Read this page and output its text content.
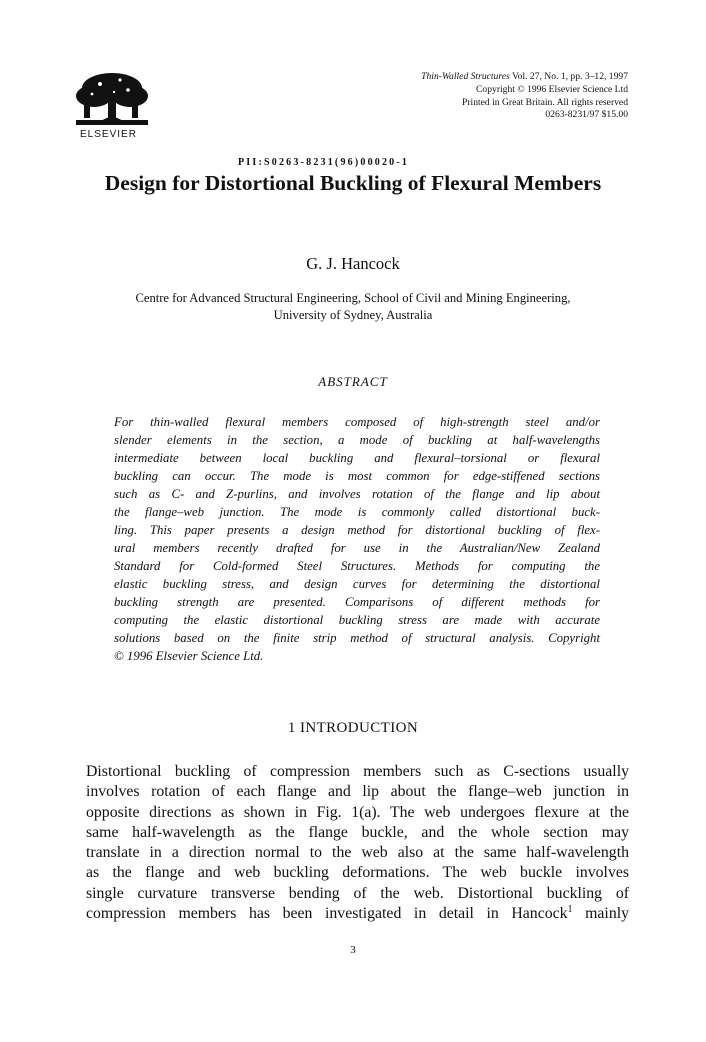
ELSEVIER
Thin-Walled Structures Vol. 27, No. 1, pp. 3–12, 1997
Copyright © 1996 Elsevier Science Ltd
Printed in Great Britain. All rights reserved
0263-8231/97 $15.00
PII:S0263-8231(96)00020-1
Design for Distortional Buckling of Flexural Members
G. J. Hancock
Centre for Advanced Structural Engineering, School of Civil and Mining Engineering,
University of Sydney, Australia
ABSTRACT
For thin-walled flexural members composed of high-strength steel and/or
slender elements in the section, a mode of buckling at half-wavelengths
intermediate between local buckling and flexural–torsional or flexural
buckling can occur. The mode is most common for edge-stiffened sections
such as C- and Z-purlins, and involves rotation of the flange and lip about
the flange–web junction. The mode is commonly called distortional buck-
ling. This paper presents a design method for distortional buckling of flex-
ural members recently drafted for use in the Australian/New Zealand
Standard for Cold-formed Steel Structures. Methods for computing the
elastic buckling stress, and design curves for determining the distortional
buckling strength are presented. Comparisons of different methods for
computing the elastic distortional buckling stress are made with accurate
solutions based on the finite strip method of structural analysis. Copyright
© 1996 Elsevier Science Ltd.
1 INTRODUCTION
Distortional buckling of compression members such as C-sections usually
involves rotation of each flange and lip about the flange–web junction in
opposite directions as shown in Fig. 1(a). The web undergoes flexure at the
same half-wavelength as the flange buckle, and the whole section may
translate in a direction normal to the web also at the same half-wavelength
as the flange and web buckling deformations. The web buckle involves
single curvature transverse bending of the web. Distortional buckling of
compression members has been investigated in detail in Hancock$^1$ mainly
3
